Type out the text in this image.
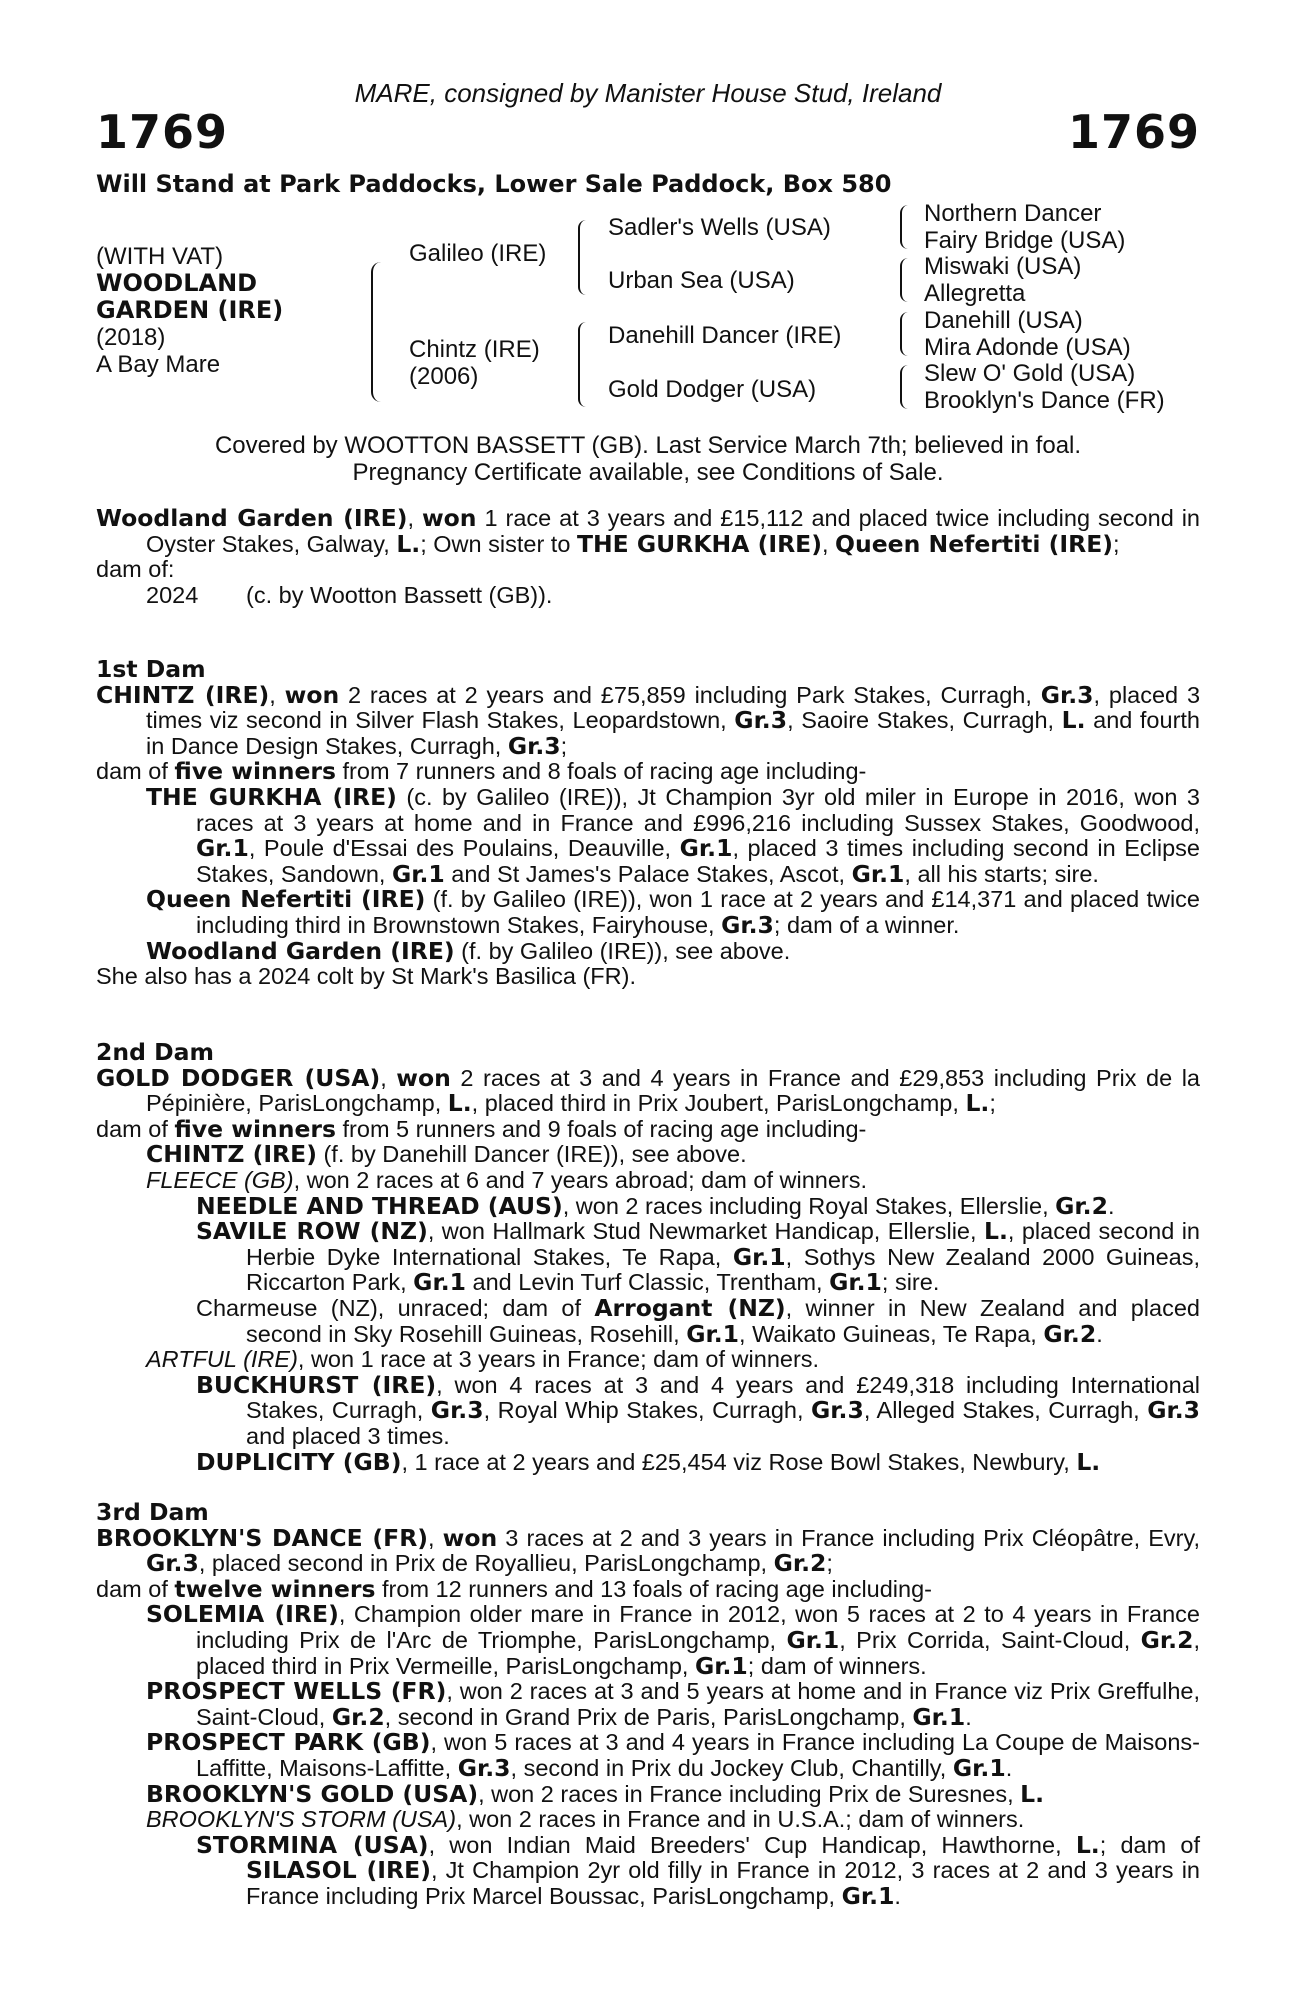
MARE, consigned by Manister House Stud, Ireland
1769	1769
Will Stand at Park Paddocks, Lower Sale Paddock, Box 580
(WITH VAT)
WOODLAND
GARDEN (IRE)
(2018)
A Bay Mare
Galileo (IRE)
Chintz (IRE)
(2006)
Sadler's Wells (USA)
Urban Sea (USA)
Danehill Dancer (IRE)
Gold Dodger (USA)
Northern Dancer
Fairy Bridge (USA)
Miswaki (USA)
Allegretta
Danehill (USA)
Mira Adonde (USA)
Slew O' Gold (USA)
Brooklyn's Dance (FR)
Covered by WOOTTON BASSETT (GB). Last Service March 7th; believed in foal.
Pregnancy Certificate available, see Conditions of Sale.

Woodland Garden (IRE), won 1 race at 3 years and £15,112 and placed twice including second in Oyster Stakes, Galway, L.; Own sister to THE GURKHA (IRE), Queen Nefertiti (IRE);

dam of:

2024 (c. by Wootton Bassett (GB)).

1st Dam

CHINTZ (IRE), won 2 races at 2 years and £75,859 including Park Stakes, Curragh, Gr.3, placed 3 times viz second in Silver Flash Stakes, Leopardstown, Gr.3, Saoire Stakes, Curragh, L. and fourth in Dance Design Stakes, Curragh, Gr.3;

dam of five winners from 7 runners and 8 foals of racing age including-

THE GURKHA (IRE) (c. by Galileo (IRE)), Jt Champion 3yr old miler in Europe in 2016, won 3 races at 3 years at home and in France and £996,216 including Sussex Stakes, Goodwood, Gr.1, Poule d'Essai des Poulains, Deauville, Gr.1, placed 3 times including second in Eclipse Stakes, Sandown, Gr.1 and St James's Palace Stakes, Ascot, Gr.1, all his starts; sire.

Queen Nefertiti (IRE) (f. by Galileo (IRE)), won 1 race at 2 years and £14,371 and placed twice including third in Brownstown Stakes, Fairyhouse, Gr.3; dam of a winner.

Woodland Garden (IRE) (f. by Galileo (IRE)), see above.

She also has a 2024 colt by St Mark's Basilica (FR).

2nd Dam

GOLD DODGER (USA), won 2 races at 3 and 4 years in France and £29,853 including Prix de la Pépinière, ParisLongchamp, L., placed third in Prix Joubert, ParisLongchamp, L.;

dam of five winners from 5 runners and 9 foals of racing age including-

CHINTZ (IRE) (f. by Danehill Dancer (IRE)), see above.

FLEECE (GB), won 2 races at 6 and 7 years abroad; dam of winners.

NEEDLE AND THREAD (AUS), won 2 races including Royal Stakes, Ellerslie, Gr.2.

SAVILE ROW (NZ), won Hallmark Stud Newmarket Handicap, Ellerslie, L., placed second in Herbie Dyke International Stakes, Te Rapa, Gr.1, Sothys New Zealand 2000 Guineas, Riccarton Park, Gr.1 and Levin Turf Classic, Trentham, Gr.1; sire.

Charmeuse (NZ), unraced; dam of Arrogant (NZ), winner in New Zealand and placed second in Sky Rosehill Guineas, Rosehill, Gr.1, Waikato Guineas, Te Rapa, Gr.2.

ARTFUL (IRE), won 1 race at 3 years in France; dam of winners.

BUCKHURST (IRE), won 4 races at 3 and 4 years and £249,318 including International Stakes, Curragh, Gr.3, Royal Whip Stakes, Curragh, Gr.3, Alleged Stakes, Curragh, Gr.3 and placed 3 times.

DUPLICITY (GB), 1 race at 2 years and £25,454 viz Rose Bowl Stakes, Newbury, L.

3rd Dam

BROOKLYN'S DANCE (FR), won 3 races at 2 and 3 years in France including Prix Cléopâtre, Evry, Gr.3, placed second in Prix de Royallieu, ParisLongchamp, Gr.2;

dam of twelve winners from 12 runners and 13 foals of racing age including-

SOLEMIA (IRE), Champion older mare in France in 2012, won 5 races at 2 to 4 years in France including Prix de l'Arc de Triomphe, ParisLongchamp, Gr.1, Prix Corrida, Saint-Cloud, Gr.2, placed third in Prix Vermeille, ParisLongchamp, Gr.1; dam of winners.

PROSPECT WELLS (FR), won 2 races at 3 and 5 years at home and in France viz Prix Greffulhe, Saint-Cloud, Gr.2, second in Grand Prix de Paris, ParisLongchamp, Gr.1.

PROSPECT PARK (GB), won 5 races at 3 and 4 years in France including La Coupe de Maisons-Laffitte, Maisons-Laffitte, Gr.3, second in Prix du Jockey Club, Chantilly, Gr.1.

BROOKLYN'S GOLD (USA), won 2 races in France including Prix de Suresnes, L.

BROOKLYN'S STORM (USA), won 2 races in France and in U.S.A.; dam of winners.

STORMINA (USA), won Indian Maid Breeders' Cup Handicap, Hawthorne, L.; dam of SILASOL (IRE), Jt Champion 2yr old filly in France in 2012, 3 races at 2 and 3 years in France including Prix Marcel Boussac, ParisLongchamp, Gr.1.
